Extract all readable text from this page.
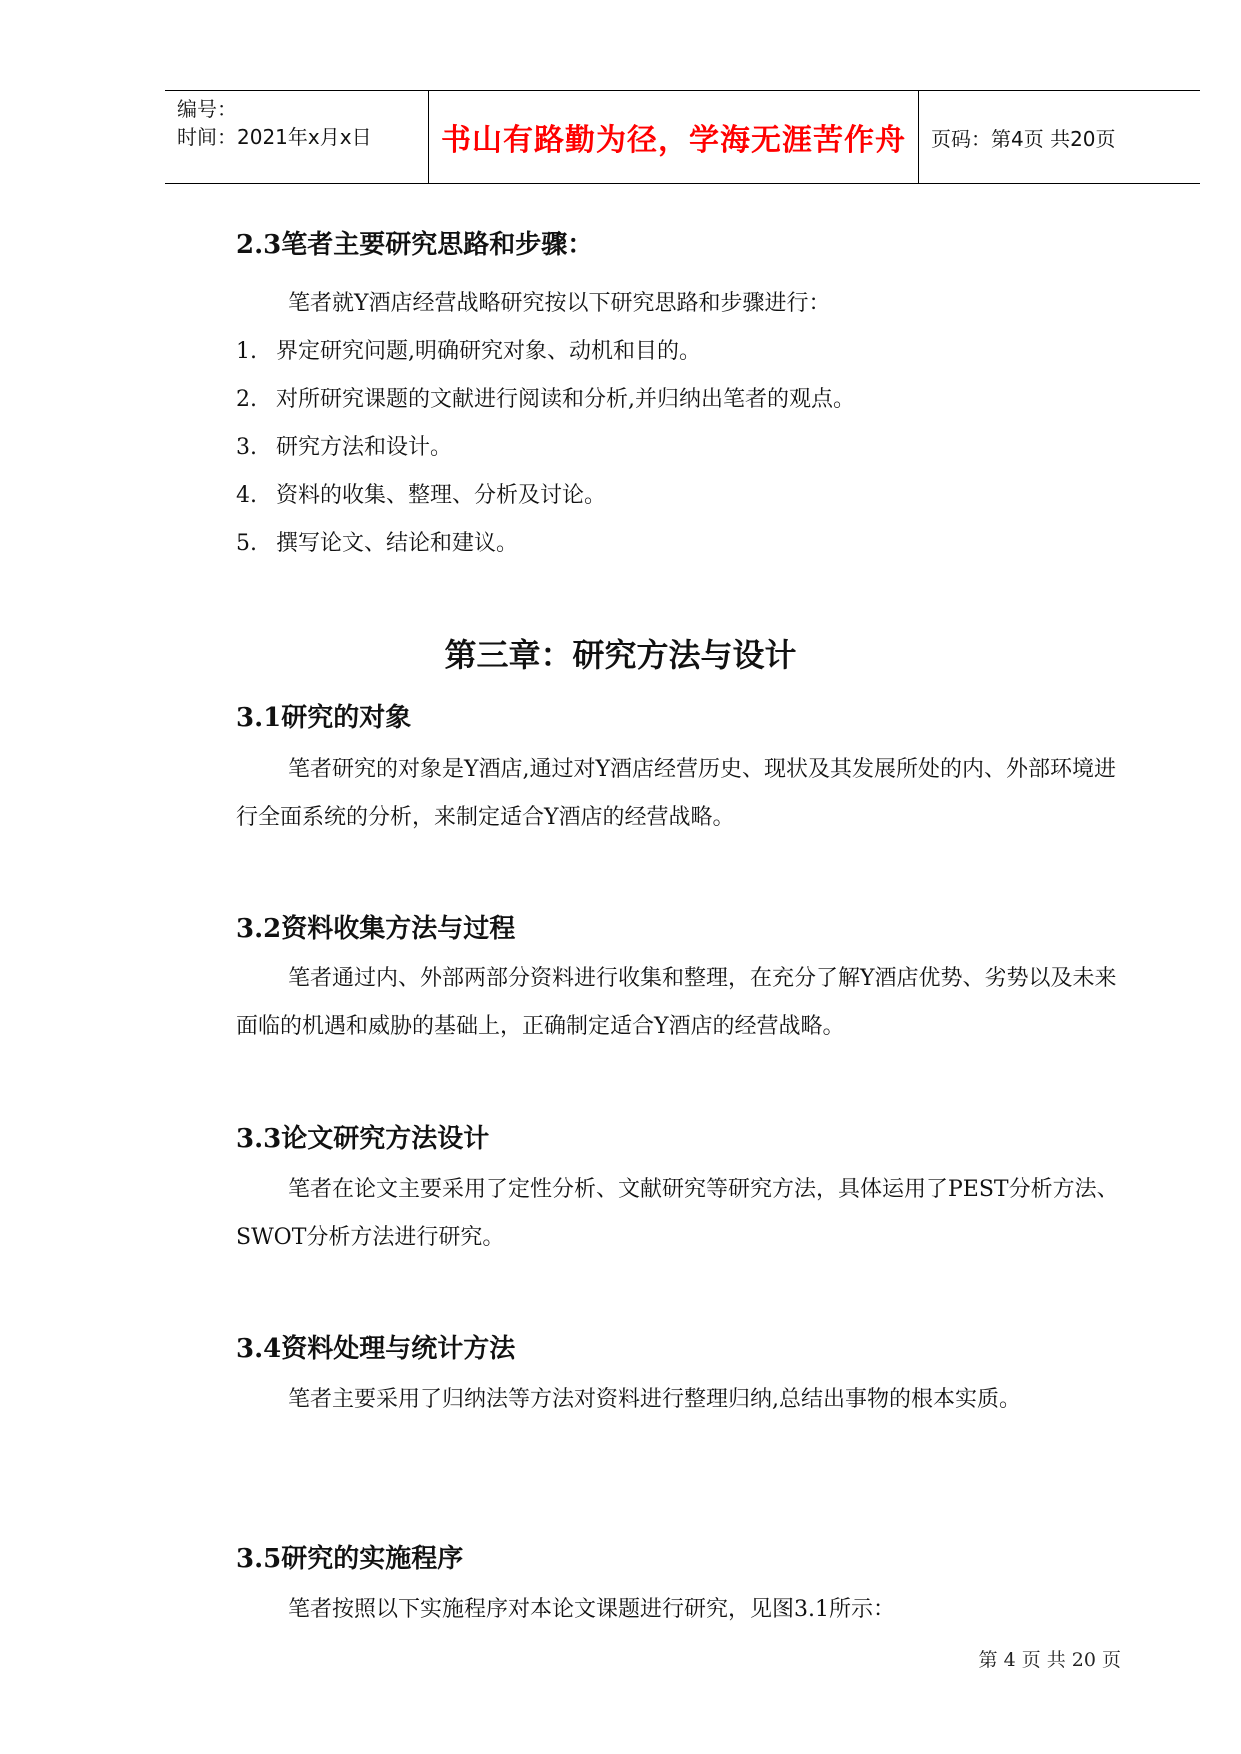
编号：
时间：2021年x月x日	书山有路勤为径，学海无涯苦作舟 页码：第4页 共20页
2.3笔者主要研究思路和步骤：

笔者就Y酒店经营战略研究按以下研究思路和步骤进行：

1. 界定研究问题,明确研究对象、动机和目的。

2. 对所研究课题的文献进行阅读和分析,并归纳出笔者的观点。

3. 研究方法和设计。

4. 资料的收集、整理、分析及讨论。

5. 撰写论文、结论和建议。

第三章：研究方法与设计
3.1研究的对象

笔者研究的对象是Y酒店,通过对Y酒店经营历史、现状及其发展所处的内、外部环境进行全面系统的分析，来制定适合Y酒店的经营战略。

3.2资料收集方法与过程

笔者通过内、外部两部分资料进行收集和整理，在充分了解Y酒店优势、劣势以及未来面临的机遇和威胁的基础上，正确制定适合Y酒店的经营战略。

3.3论文研究方法设计

笔者在论文主要采用了定性分析、文献研究等研究方法，具体运用了PEST分析方法、SWOT分析方法进行研究。

3.4资料处理与统计方法

笔者主要采用了归纳法等方法对资料进行整理归纳,总结出事物的根本实质。

3.5研究的实施程序

笔者按照以下实施程序对本论文课题进行研究，见图3.1所示：

第 4 页 共 20 页
